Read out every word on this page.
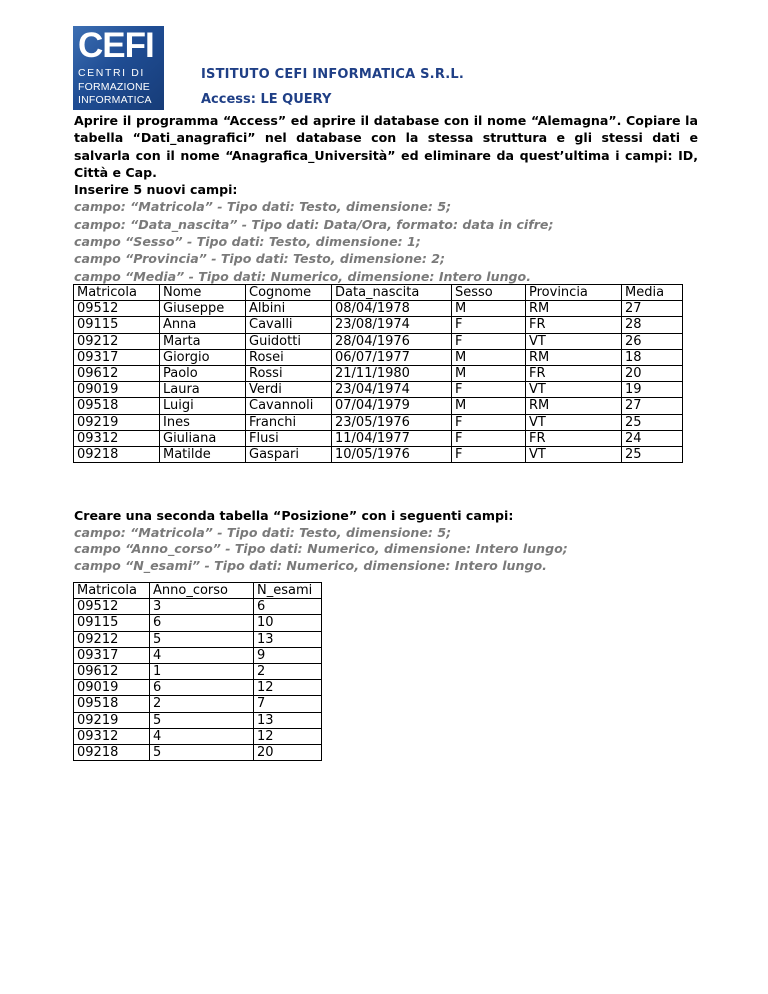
CEFI
CENTRI DI
FORMAZIONE
INFORMATICA
ISTITUTO CEFI INFORMATICA S.R.L.
Access: LE QUERY
Aprire il programma “Access” ed aprire il database con il nome “Alemagna”. Copiare la tabella “Dati_anagrafici” nel database con la stessa struttura e gli stessi dati e salvarla con il nome “Anagrafica_Università” ed eliminare da quest’ultima i campi: ID, Città e Cap.
Inserire 5 nuovi campi:
campo: “Matricola” - Tipo dati: Testo, dimensione: 5;
campo: “Data_nascita” - Tipo dati: Data/Ora, formato: data in cifre;
campo “Sesso” - Tipo dati: Testo, dimensione: 1;
campo “Provincia” - Tipo dati: Testo, dimensione: 2;
campo “Media” - Tipo dati: Numerico, dimensione: Intero lungo.
Matricola	Nome	Cognome	Data_nascita	Sesso	Provincia	Media
09512	Giuseppe	Albini	08/04/1978	M	RM	27
09115	Anna	Cavalli	23/08/1974	F	FR	28
09212	Marta	Guidotti	28/04/1976	F	VT	26
09317	Giorgio	Rosei	06/07/1977	M	RM	18
09612	Paolo	Rossi	21/11/1980	M	FR	20
09019	Laura	Verdi	23/04/1974	F	VT	19
09518	Luigi	Cavannoli	07/04/1979	M	RM	27
09219	Ines	Franchi	23/05/1976	F	VT	25
09312	Giuliana	Flusi	11/04/1977	F	FR	24
09218	Matilde	Gaspari	10/05/1976	F	VT	25
Creare una seconda tabella “Posizione” con i seguenti campi:
campo: “Matricola” - Tipo dati: Testo, dimensione: 5;
campo “Anno_corso” - Tipo dati: Numerico, dimensione: Intero lungo;
campo “N_esami” - Tipo dati: Numerico, dimensione: Intero lungo.
Matricola	Anno_corso	N_esami
09512	3	6
09115	6	10
09212	5	13
09317	4	9
09612	1	2
09019	6	12
09518	2	7
09219	5	13
09312	4	12
09218	5	20
